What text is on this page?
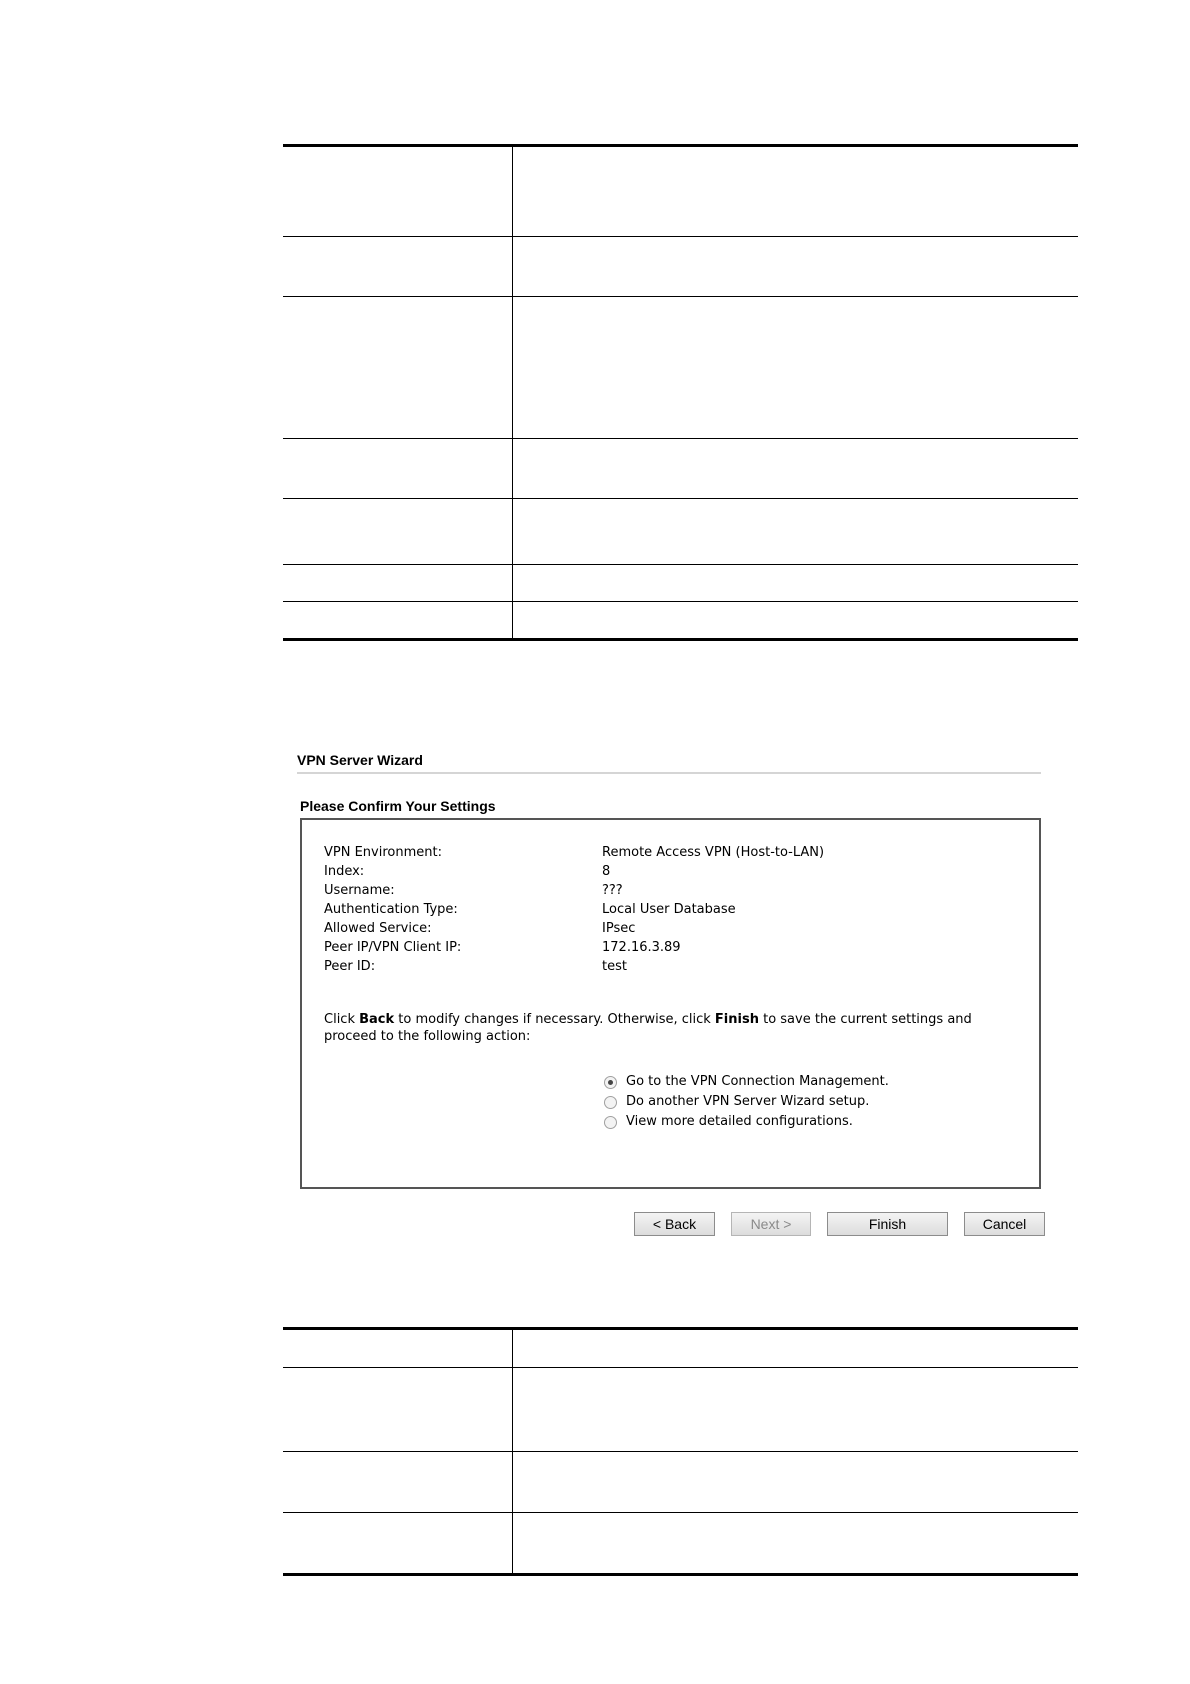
VPN Server Wizard
Please Confirm Your Settings
VPN Environment:	Remote Access VPN (Host-to-LAN)
Index:	8
Username:	???
Authentication Type:	Local User Database
Allowed Service:	IPsec
Peer IP/VPN Client IP:	172.16.3.89
Peer ID:	test

Click Back to modify changes if necessary. Otherwise, click Finish to save the current settings and proceed to the following action:

Go to the VPN Connection Management.
Do another VPN Server Wizard setup.
View more detailed configurations.
< Back	Next >	Finish	Cancel
